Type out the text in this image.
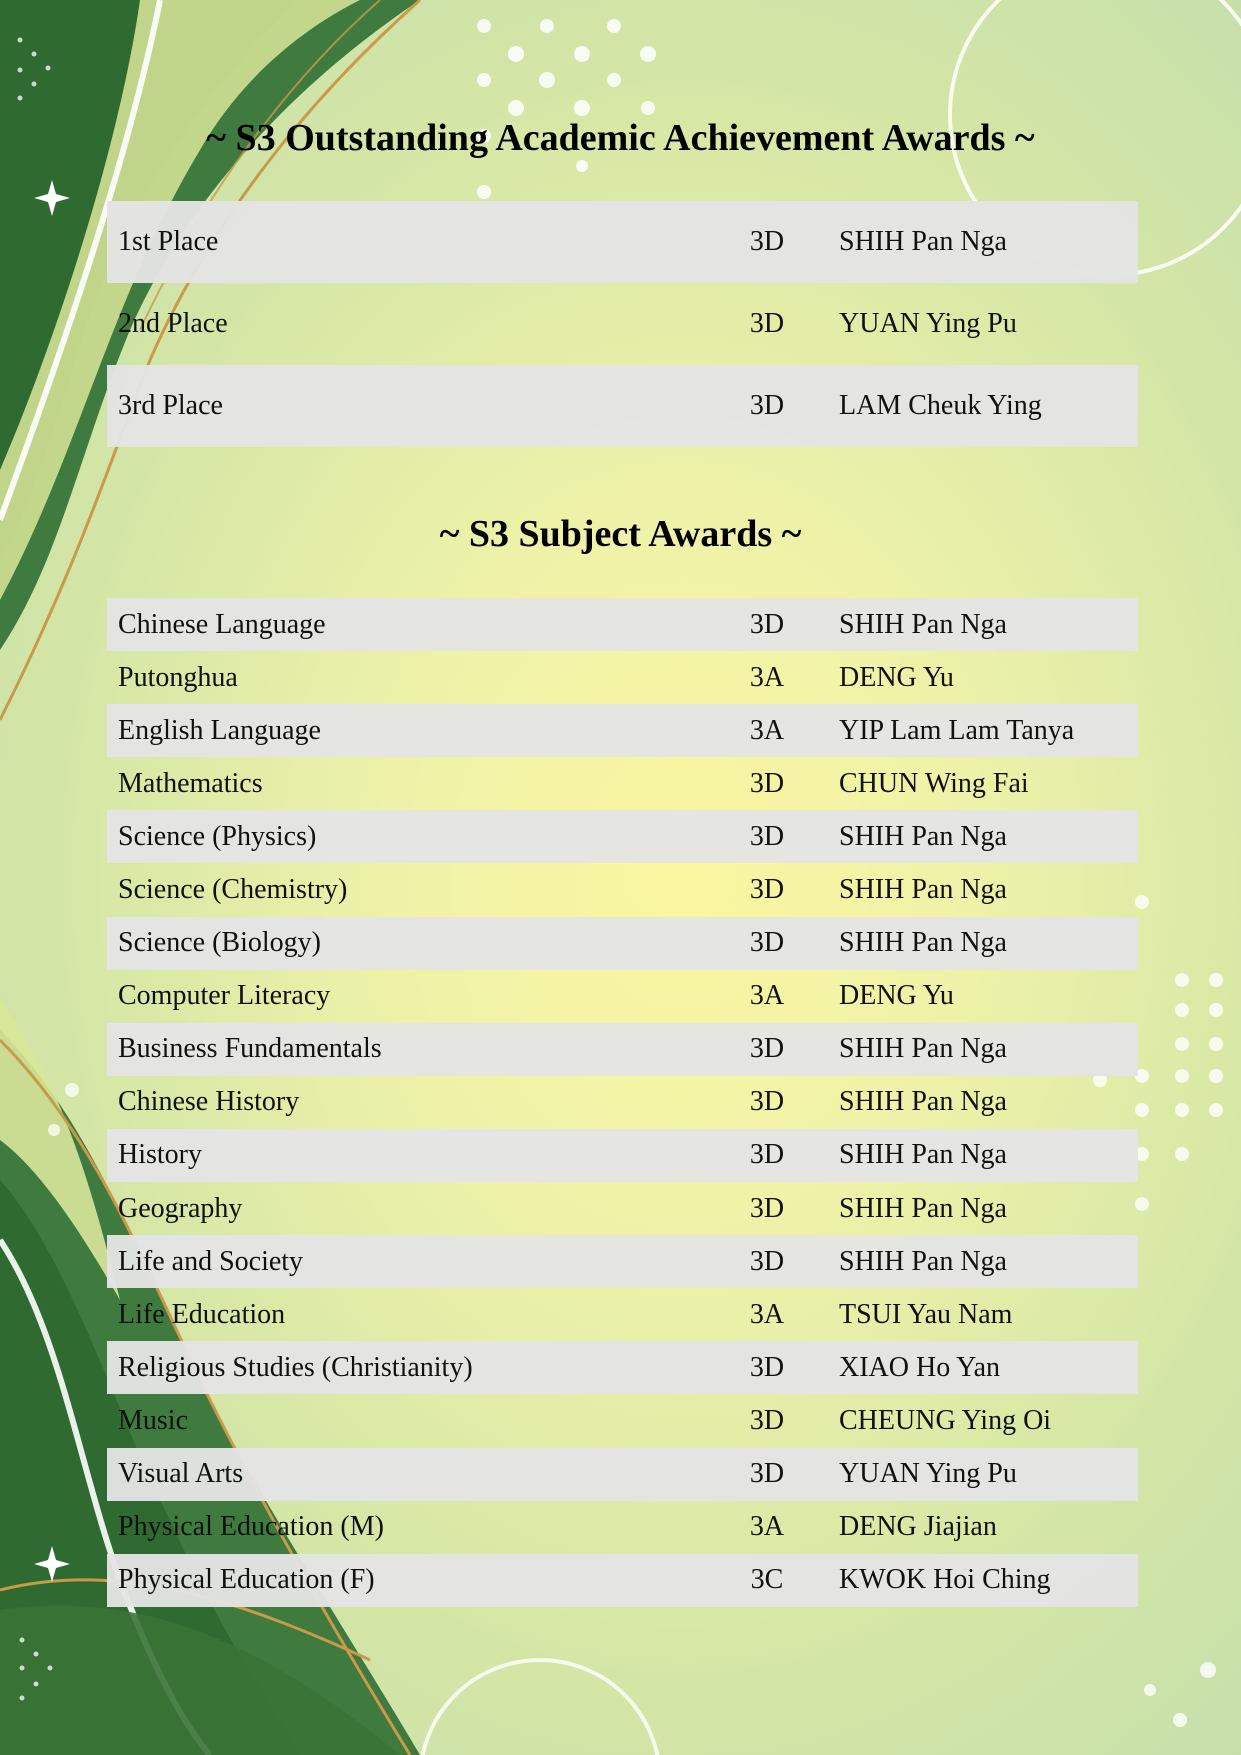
~ S3 Outstanding Academic Achievement Awards ~
1st Place	3D SHIH Pan Nga
2nd Place	3D YUAN Ying Pu
3rd Place	3D LAM Cheuk Ying
~ S3 Subject Awards ~
Chinese Language	3D SHIH Pan Nga
Putonghua	3A DENG Yu
English Language	3A YIP Lam Lam Tanya
Mathematics	3D CHUN Wing Fai
Science (Physics)	3D SHIH Pan Nga
Science (Chemistry)	3D SHIH Pan Nga
Science (Biology)	3D SHIH Pan Nga
Computer Literacy	3A DENG Yu
Business Fundamentals	3D SHIH Pan Nga
Chinese History	3D SHIH Pan Nga
History	3D SHIH Pan Nga
Geography	3D SHIH Pan Nga
Life and Society	3D SHIH Pan Nga
Life Education	3A TSUI Yau Nam
Religious Studies (Christianity)	3D XIAO Ho Yan
Music	3D CHEUNG Ying Oi
Visual Arts	3D YUAN Ying Pu
Physical Education (M)	3A DENG Jiajian
Physical Education (F)	3C KWOK Hoi Ching
